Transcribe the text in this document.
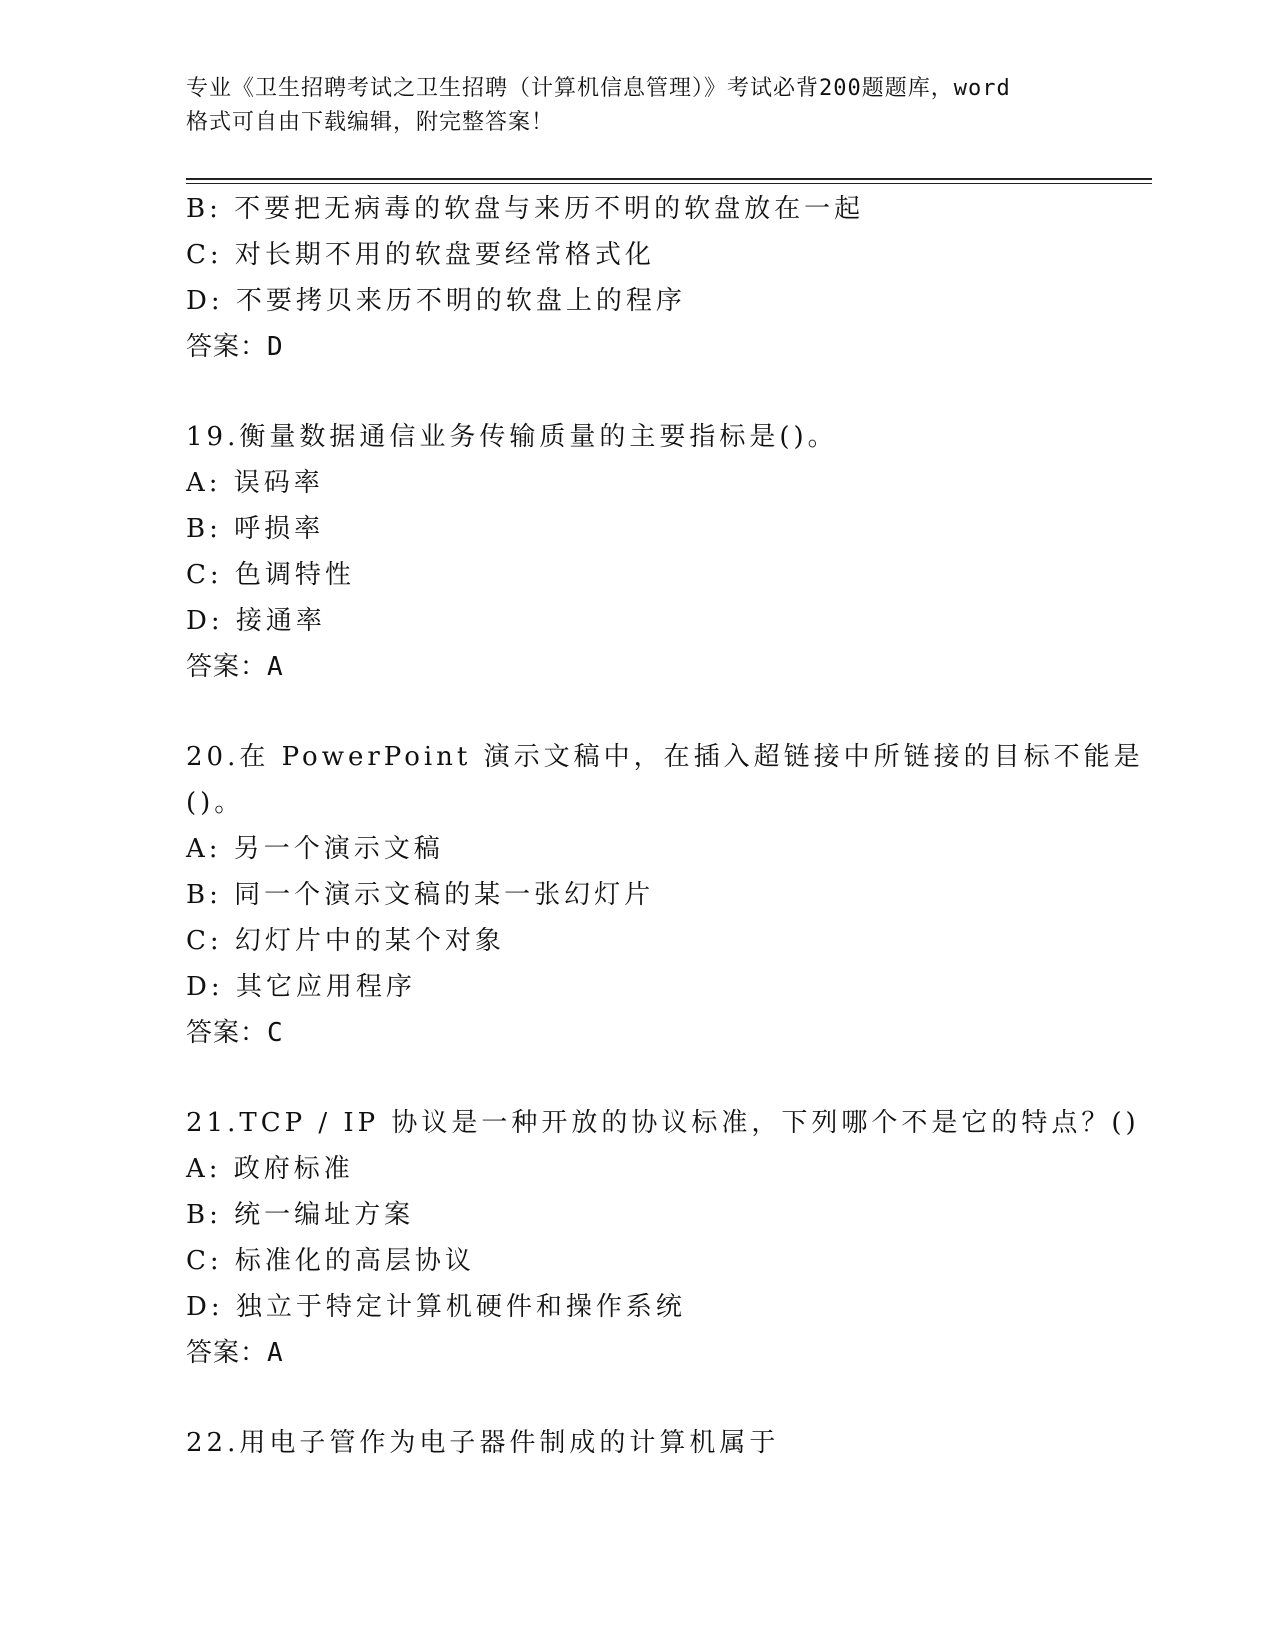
专业《卫生招聘考试之卫生招聘（计算机信息管理）》考试必背200题题库，word
格式可自由下载编辑，附完整答案！
B: 不要把无病毒的软盘与来历不明的软盘放在一起
C: 对长期不用的软盘要经常格式化
D: 不要拷贝来历不明的软盘上的程序
答案：D
19.衡量数据通信业务传输质量的主要指标是()。
A: 误码率
B: 呼损率
C: 色调特性
D: 接通率
答案：A
20.在 PowerPoint 演示文稿中，在插入超链接中所链接的目标不能是
()。
A: 另一个演示文稿
B: 同一个演示文稿的某一张幻灯片
C: 幻灯片中的某个对象
D: 其它应用程序
答案：C
21.TCP / IP 协议是一种开放的协议标准，下列哪个不是它的特点？()
A: 政府标准
B: 统一编址方案
C: 标准化的高层协议
D: 独立于特定计算机硬件和操作系统
答案：A
22.用电子管作为电子器件制成的计算机属于
